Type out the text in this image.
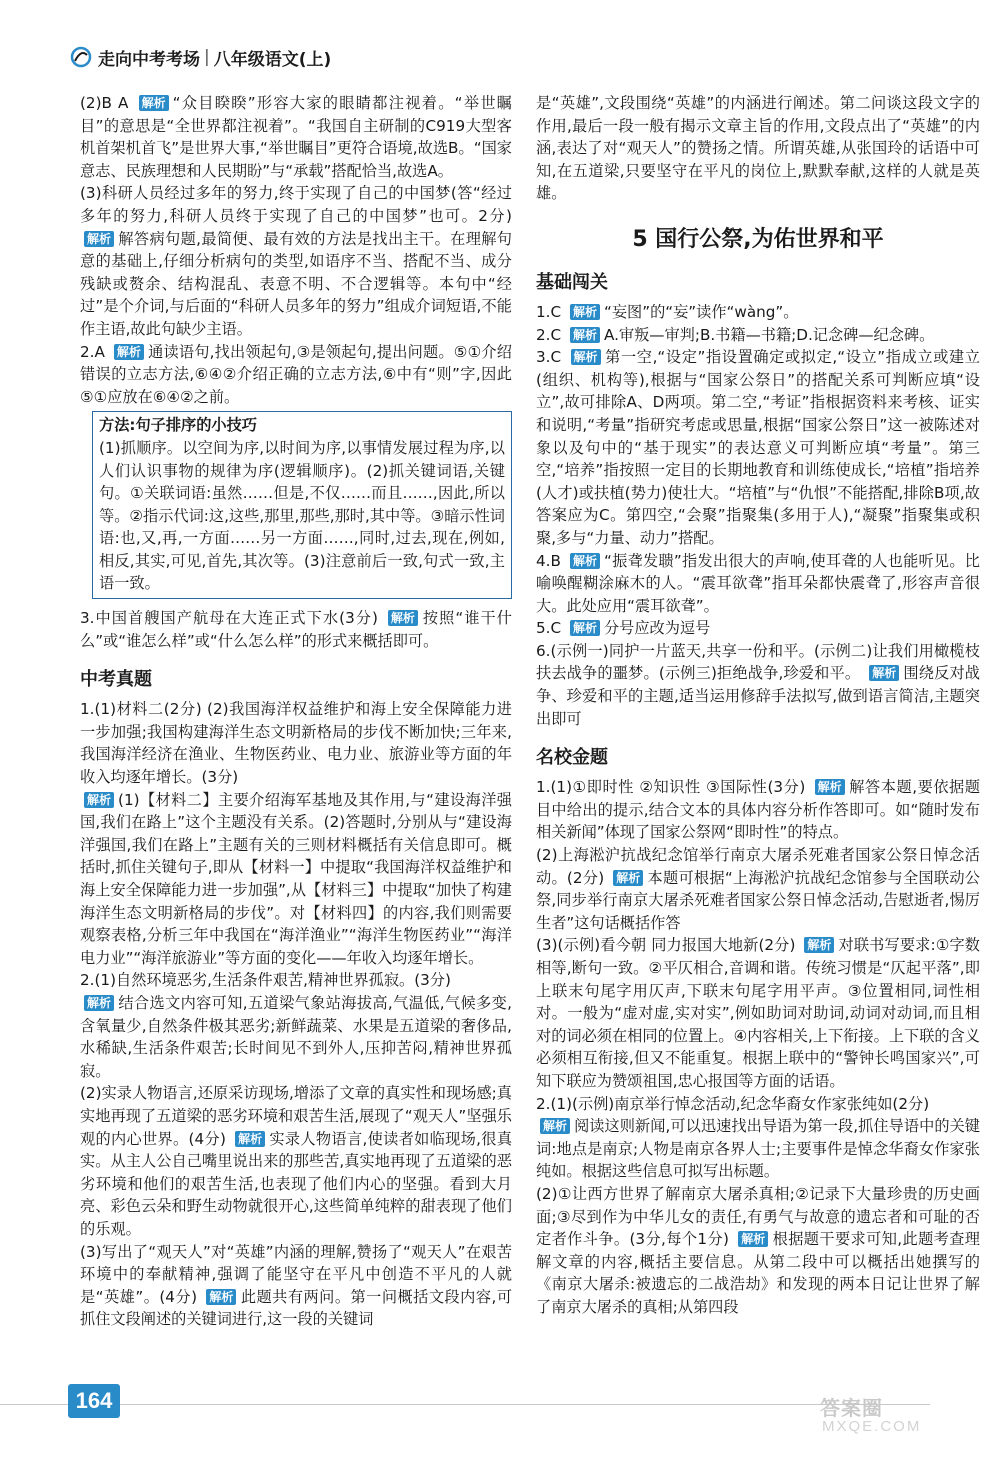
走向中考考场 | 八年级语文(上)

(2)B A 解析 “众目睽睽”形容大家的眼睛都注视着。“举世瞩目”的意思是“全世界都注视着”。“我国自主研制的C919大型客机首架机首飞”是世界大事,“举世瞩目”更符合语境,故选B。“国家意志、民族理想和人民期盼”与“承载”搭配恰当,故选A。

(3)科研人员经过多年的努力,终于实现了自己的中国梦(答“经过多年的努力,科研人员终于实现了自己的中国梦”也可。2分) 解析 解答病句题,最简便、最有效的方法是找出主干。在理解句意的基础上,仔细分析病句的类型,如语序不当、搭配不当、成分残缺或赘余、结构混乱、表意不明、不合逻辑等。本句中“经过”是个介词,与后面的“科研人员多年的努力”组成介词短语,不能作主语,故此句缺少主语。

2.A 解析 通读语句,找出领起句,③是领起句,提出问题。⑤①介绍错误的立志方法,⑥④②介绍正确的立志方法,⑥中有“则”字,因此⑤①应放在⑥④②之前。

方法:句子排序的小技巧

(1)抓顺序。以空间为序,以时间为序,以事情发展过程为序,以人们认识事物的规律为序(逻辑顺序)。(2)抓关键词语,关键句。①关联词语:虽然……但是,不仅……而且……,因此,所以等。②指示代词:这,这些,那里,那些,那时,其中等。③暗示性词语:也,又,再,一方面……另一方面……,同时,过去,现在,例如,相反,其实,可见,首先,其次等。(3)注意前后一致,句式一致,主语一致。

3.中国首艘国产航母在大连正式下水(3分) 解析 按照“谁干什么”或“谁怎么样”或“什么怎么样”的形式来概括即可。

中考真题

1.(1)材料二(2分) (2)我国海洋权益维护和海上安全保障能力进一步加强;我国构建海洋生态文明新格局的步伐不断加快;三年来,我国海洋经济在渔业、生物医药业、电力业、旅游业等方面的年收入均逐年增长。(3分)

解析 (1)【材料二】主要介绍海军基地及其作用,与“建设海洋强国,我们在路上”这个主题没有关系。(2)答题时,分别从与“建设海洋强国,我们在路上”主题有关的三则材料概括有关信息即可。概括时,抓住关键句子,即从【材料一】中提取“我国海洋权益维护和海上安全保障能力进一步加强”,从【材料三】中提取“加快了构建海洋生态文明新格局的步伐”。对【材料四】的内容,我们则需要观察表格,分析三年中我国在“海洋渔业”“海洋生物医药业”“海洋电力业”“海洋旅游业”等方面的变化——年收入均逐年增长。

2.(1)自然环境恶劣,生活条件艰苦,精神世界孤寂。(3分)

解析 结合选文内容可知,五道梁气象站海拔高,气温低,气候多变,含氧量少,自然条件极其恶劣;新鲜蔬菜、水果是五道梁的奢侈品,水稀缺,生活条件艰苦;长时间见不到外人,压抑苦闷,精神世界孤寂。

(2)实录人物语言,还原采访现场,增添了文章的真实性和现场感;真实地再现了五道梁的恶劣环境和艰苦生活,展现了“观天人”坚强乐观的内心世界。(4分) 解析 实录人物语言,使读者如临现场,很真实。从主人公自己嘴里说出来的那些苦,真实地再现了五道梁的恶劣环境和他们的艰苦生活,也表现了他们内心的坚强。看到大月亮、彩色云朵和野生动物就很开心,这些简单纯粹的甜表现了他们的乐观。

(3)写出了“观天人”对“英雄”内涵的理解,赞扬了“观天人”在艰苦环境中的奉献精神,强调了能坚守在平凡中创造不平凡的人就是“英雄”。(4分) 解析 此题共有两问。第一问概括文段内容,可抓住文段阐述的关键词进行,这一段的关键词

是“英雄”,文段围绕“英雄”的内涵进行阐述。第二问谈这段文字的作用,最后一段一般有揭示文章主旨的作用,文段点出了“英雄”的内涵,表达了对“观天人”的赞扬之情。所谓英雄,从张国玲的话语中可知,在五道梁,只要坚守在平凡的岗位上,默默奉献,这样的人就是英雄。

5 国行公祭,为佑世界和平
基础闯关

1.C 解析 “妄图”的“妄”读作“wàng”。

2.C 解析 A.审叛—审判;B.书籍—书籍;D.记念碑—纪念碑。

3.C 解析 第一空,“设定”指设置确定或拟定,“设立”指成立或建立(组织、机构等),根据与“国家公祭日”的搭配关系可判断应填“设立”,故可排除A、D两项。第二空,“考证”指根据资料来考核、证实和说明,“考量”指研究考虑或思量,根据“国家公祭日”这一被陈述对象以及句中的“基于现实”的表达意义可判断应填“考量”。第三空,“培养”指按照一定目的长期地教育和训练使成长,“培植”指培养(人才)或扶植(势力)使壮大。“培植”与“仇恨”不能搭配,排除B项,故答案应为C。第四空,“会聚”指聚集(多用于人),“凝聚”指聚集或积聚,多与“力量、动力”搭配。

4.B 解析 “振聋发聩”指发出很大的声响,使耳聋的人也能听见。比喻唤醒糊涂麻木的人。“震耳欲聋”指耳朵都快震聋了,形容声音很大。此处应用“震耳欲聋”。

5.C 解析 分号应改为逗号

6.(示例一)同护一片蓝天,共享一份和平。(示例二)让我们用橄榄枝扶去战争的噩梦。(示例三)拒绝战争,珍爱和平。 解析 围绕反对战争、珍爱和平的主题,适当运用修辞手法拟写,做到语言简洁,主题突出即可

名校金题

1.(1)①即时性 ②知识性 ③国际性(3分) 解析 解答本题,要依据题目中给出的提示,结合文本的具体内容分析作答即可。如“随时发布相关新闻”体现了国家公祭网“即时性”的特点。

(2)上海淞沪抗战纪念馆举行南京大屠杀死难者国家公祭日悼念活动。(2分) 解析 本题可根据“上海淞沪抗战纪念馆参与全国联动公祭,同步举行南京大屠杀死难者国家公祭日悼念活动,告慰逝者,惕厉生者”这句话概括作答

(3)(示例)看今朝 同力报国大地新(2分) 解析 对联书写要求:①字数相等,断句一致。②平仄相合,音调和谐。传统习惯是“仄起平落”,即上联末句尾字用仄声,下联末句尾字用平声。③位置相同,词性相对。一般为“虚对虚,实对实”,例如助词对助词,动词对动词,而且相对的词必须在相同的位置上。④内容相关,上下衔接。上下联的含义必须相互衔接,但又不能重复。根据上联中的“警钟长鸣国家兴”,可知下联应为赞颂祖国,忠心报国等方面的话语。

2.(1)(示例)南京举行悼念活动,纪念华裔女作家张纯如(2分)

解析 阅读这则新闻,可以迅速找出导语为第一段,抓住导语中的关键词:地点是南京;人物是南京各界人士;主要事件是悼念华裔女作家张纯如。根据这些信息可拟写出标题。

(2)①让西方世界了解南京大屠杀真相;②记录下大量珍贵的历史画面;③尽到作为中华儿女的责任,有勇气与故意的遗忘者和可耻的否定者作斗争。(3分,每个1分) 解析 根据题干要求可知,此题考查理解文章的内容,概括主要信息。从第二段中可以概括出她撰写的《南京大屠杀:被遗忘的二战浩劫》和发现的两本日记让世界了解了南京大屠杀的真相;从第四段

164	答案圈
MXQE.COM
